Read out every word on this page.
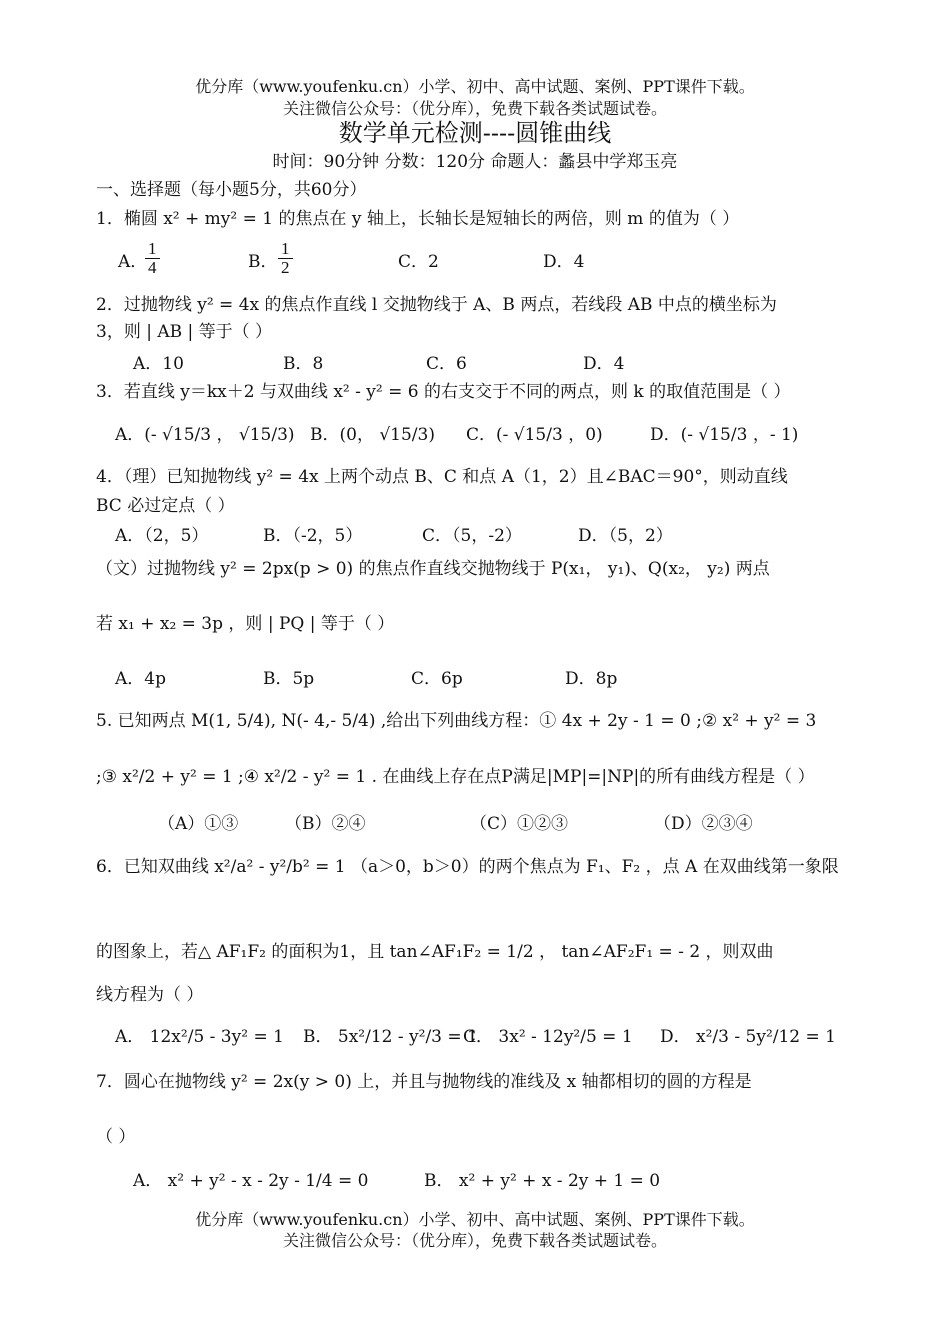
优分库（www.youfenku.cn）小学、初中、高中试题、案例、PPT课件下载。
关注微信公众号：（优分库），免费下载各类试题试卷。
数学单元检测----圆锥曲线
时间：90分钟 分数：120分 命题人：蠡县中学郑玉亮
一、选择题（每小题5分，共60分）
1．椭圆 x² + my² = 1 的焦点在 y 轴上，长轴长是短轴长的两倍，则 m 的值为（ ）
A．
$\frac{1}{4}$	B． $\frac{1}{2}$	C．2	D．4
2．过抛物线 y² = 4x 的焦点作直线 l 交抛物线于 A、B 两点，若线段 AB 中点的横坐标为
3，则 | AB | 等于（ ）
A．10	B．8	C．6	D．4
3．若直线 y＝kx＋2 与双曲线 x² - y² = 6 的右支交于不同的两点，则 k 的取值范围是（ ）
A．(- √15/3 ， √15/3) B．(0， √15/3) C．(- √15/3 ，0)	D．(- √15/3 ，- 1)
4．（理）已知抛物线 y² = 4x 上两个动点 B、C 和点 A（1，2）且∠BAC＝90°，则动直线
BC 必过定点（ ）
A．（2，5）	B．（-2，5）	C．（5，-2）	D．（5，2）
（文）过抛物线 y² = 2px(p > 0) 的焦点作直线交抛物线于 P(x₁， y₁)、Q(x₂， y₂) 两点
若 x₁ + x₂ = 3p ，则 | PQ | 等于（ ）
A．4p	B．5p	C．6p	D．8p
5. 已知两点 M(1, 5/4), N(- 4,- 5/4) ,给出下列曲线方程：① 4x + 2y - 1 = 0 ;② x² + y² = 3
;③ x²/2 + y² = 1 ;④ x²/2 - y² = 1 . 在曲线上存在点P满足|MP|=|NP|的所有曲线方程是（ ）
（A）①③	（B）②④	（C）①②③	（D）②③④
6．已知双曲线 x²/a² - y²/b² = 1 （a＞0，b＞0）的两个焦点为 F₁、F₂ ，点 A 在双曲线第一象限
的图象上，若△ AF₁F₂ 的面积为1，且 tan∠AF₁F₂ = 1/2 ， tan∠AF₂F₁ = - 2 ，则双曲
线方程为（ ）
A． 12x²/5 - 3y² = 1 B． 5x²/12 - y²/3 = 1
C． 3x² - 12y²/5 = 1 D． x²/3 - 5y²/12 = 1
7．圆心在抛物线 y² = 2x(y > 0) 上，并且与抛物线的准线及 x 轴都相切的圆的方程是
（ ）
A． x² + y² - x - 2y - 1/4 = 0	B． x² + y² + x - 2y + 1 = 0
优分库（www.youfenku.cn）小学、初中、高中试题、案例、PPT课件下载。
关注微信公众号：（优分库），免费下载各类试题试卷。
